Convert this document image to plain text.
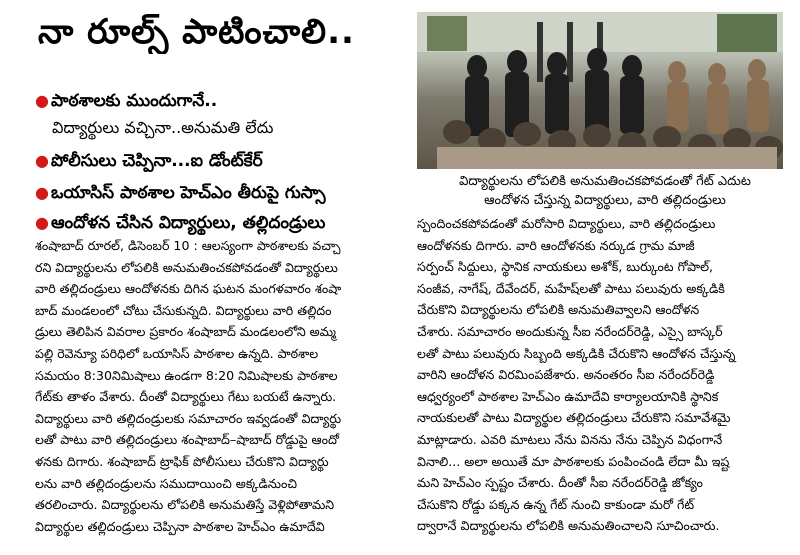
నా రూల్స్ పాటించాలి..
● పాఠశాలకు ముందుగానే..
విద్యార్థులు వచ్చినా..అనుమతి లేదు
● పోలీసులు చెప్పినా...ఐ డోంట్‌కేర్
● ఒయాసిస్ పాఠశాల హెచ్ఎం తీరుపై గుస్సా
విద్యార్థులను లోపలికి అనుమతించకపోవడంతో గేట్ ఎదుట
ఆందోళన చేస్తున్న విద్యార్థులు, వారి తల్లిదండ్రులు
● ఆందోళన చేసిన విద్యార్థులు, తల్లిదండ్రులు
శంషాబాద్ రూరల్, డిసెంబర్ 10 : ఆలస్యంగా పాఠశాలకు వచ్చా
రని విద్యార్థులను లోపలికి అనుమతించకపోవడంతో విద్యార్థులు
వారి తల్లిదండ్రులు ఆందోళనకు దిగిన ఘటన మంగళవారం శంషా
బాద్ మండలంలో చోటు చేసుకున్నది. విద్యార్థులు వారి తల్లిదం
డ్రులు తెలిపిన వివరాల ప్రకారం శంషాబాద్ మండలంలోని అమ్మ
పల్లి రెవెన్యూ పరిధిలో ఒయాసిస్ పాఠశాల ఉన్నది. పాఠశాల
సమయం 8:30నిమిషాలు ఉండగా 8:20 నిమిషాలకు పాఠశాల
గేట్‌కు తాళం వేశారు. దీంతో విద్యార్థులు గేటు బయటే ఉన్నారు.
విద్యార్థులు వారి తల్లిదండ్రులకు సమాచారం ఇవ్వడంతో విద్యార్థు
లతో పాటు వారి తల్లిదండ్రులు శంషాబాద్–షాబాద్ రోడ్డుపై ఆందో
ళనకు దిగారు. శంషాబాద్ ట్రాఫిక్ పోలీసులు చేరుకొని విద్యార్థు
లను వారి తల్లిదండ్రులను సముదాయించి అక్కడినుంచి
తరలించారు. విద్యార్థులను లోపలికి అనుమతిస్తే వెళ్లిపోతామని
విద్యార్థుల తల్లిదండ్రులు చెప్పినా పాఠశాల హెచ్ఎం ఉమాదేవి
స్పందించకపోవడంతో మరోసారి విద్యార్థులు, వారి తల్లిదండ్రులు
ఆందోళనకు దిగారు. వారి ఆందోళనకు నర్కుడ గ్రామ మాజీ
సర్పంచ్ సిద్దులు, స్థానిక నాయకులు అశోక్, బుర్కుంట గోపాల్,
సంజీవ, నాగేష్, దేవేందర్, మహేష్‌లతో పాటు పలువురు అక్కడికి
చేరుకొని విద్యార్థులను లోపలికి అనుమతివ్వాలని ఆందోళన
చేశారు. సమాచారం అందుకున్న సీఐ నరేందర్‌రెడ్డి, ఎస్సై బాస్కర్
లతో పాటు పలువురు సిబ్బంది అక్కడికి చేరుకొని ఆందోళన చేస్తున్న
వారిని ఆందోళన విరమింపజేశారు. అనంతరం సీఐ నరేందర్‌రెడ్డి
ఆధ్వర్యంలో పాఠశాల హెచ్ఎం ఉమాదేవి కార్యాలయానికి స్థానిక
నాయకులతో పాటు విద్యార్థుల తల్లిదండ్రులు చేరుకొని సమావేశమై
మాట్లాడారు. ఎవరి మాటలు నేను వినను నేను చెప్పిన విధంగానే
వినాలి... అలా అయితే మా పాఠశాలకు పంపించండి లేదా మీ ఇష్ట
మని హెచ్ఎం స్పష్టం చేశారు. దీంతో సీఐ నరేందర్‌రెడ్డి జోక్యం
చేసుకొని రోడ్డు పక్కన ఉన్న గేట్ నుంచి కాకుండా మరో గేట్
ద్వారానే విద్యార్థులను లోపలికి అనుమతించాలని సూచించారు.
